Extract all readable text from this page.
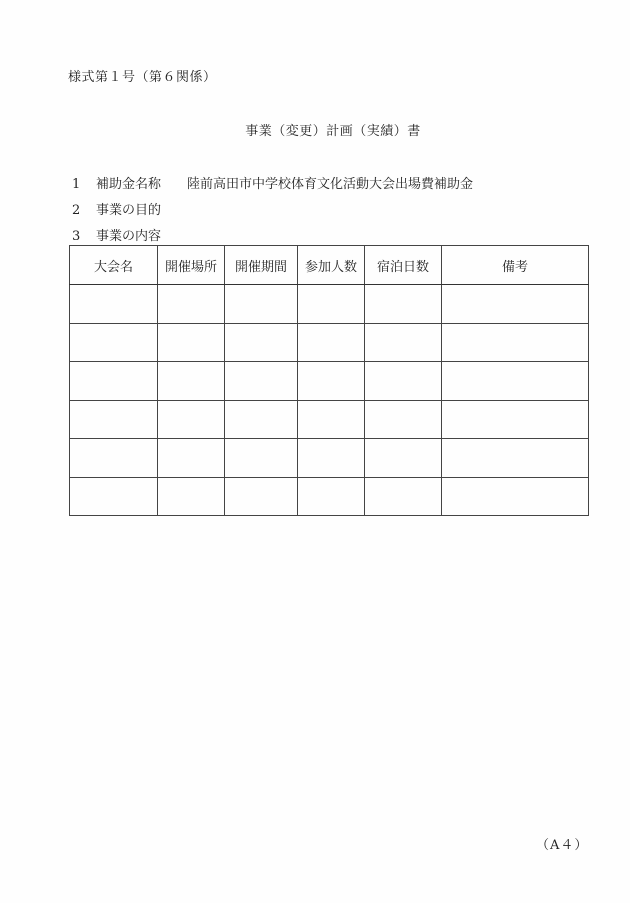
様式第１号（第６関係）
事業（変更）計画（実績）書
1	補助金名称 陸前高田市中学校体育文化活動大会出場費補助金
2	事業の目的
3	事業の内容
大会名	開催場所	開催期間	参加人数	宿泊日数	備考

（A４）
